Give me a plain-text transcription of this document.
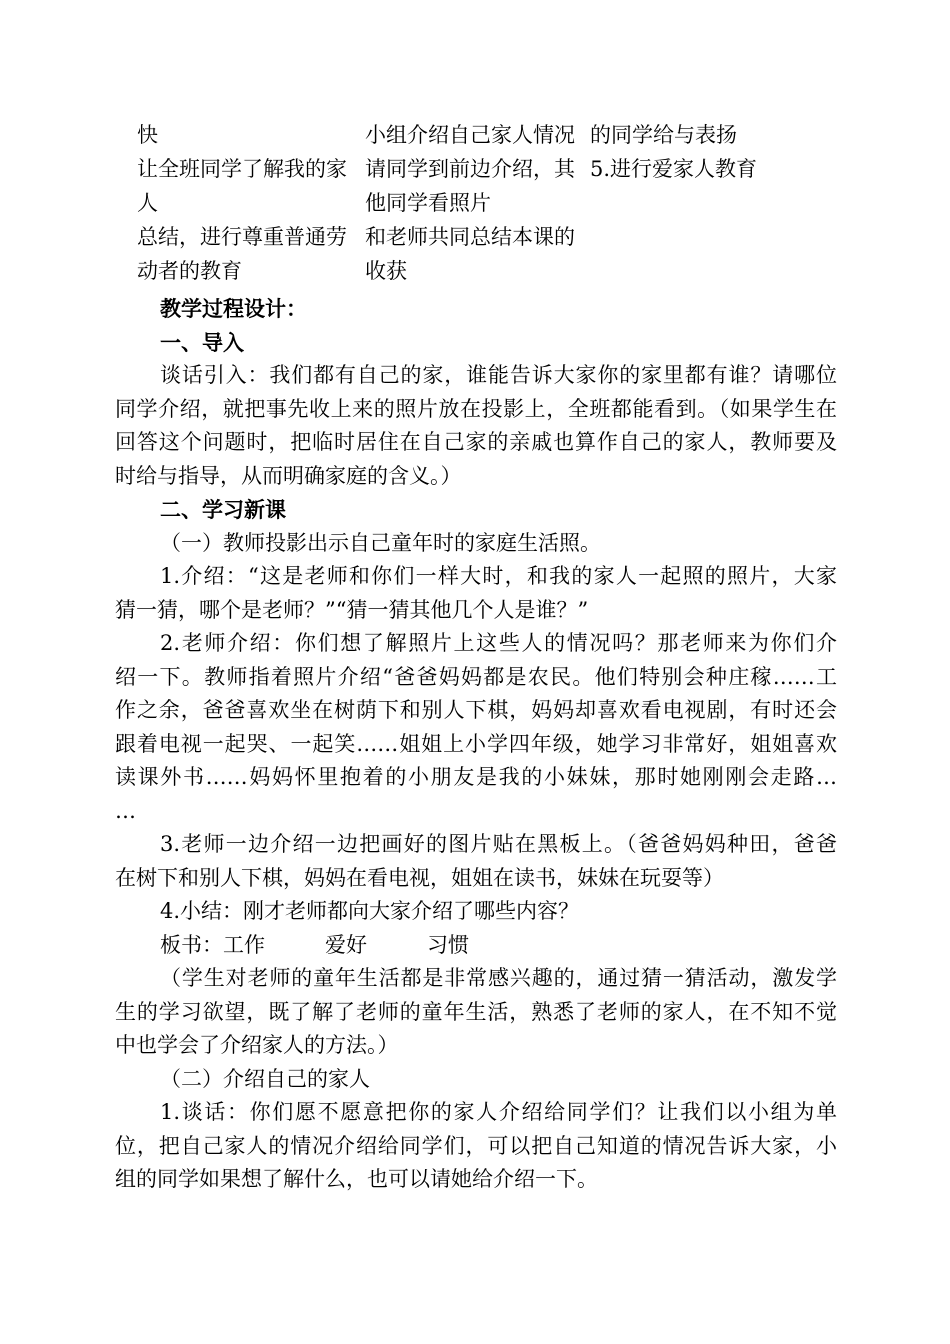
快	小组介绍自己家人情况 的同学给与表扬
让全班同学了解我的家 请同学到前边介绍，其 5.进行爱家人教育
人	他同学看照片
总结，进行尊重普通劳 和老师共同总结本课的
动者的教育	收获
教学过程设计：
一、导入
谈话引入：我们都有自己的家，谁能告诉大家你的家里都有谁？请哪位
同学介绍，就把事先收上来的照片放在投影上，全班都能看到。（如果学生在
回答这个问题时，把临时居住在自己家的亲戚也算作自己的家人，教师要及
时给与指导，从而明确家庭的含义。）
二、学习新课
（一）教师投影出示自己童年时的家庭生活照。
1.介绍：“这是老师和你们一样大时，和我的家人一起照的照片，大家
猜一猜，哪个是老师？”“猜一猜其他几个人是谁？”
2.老师介绍：你们想了解照片上这些人的情况吗？那老师来为你们介
绍一下。教师指着照片介绍“爸爸妈妈都是农民。他们特别会种庄稼……工
作之余，爸爸喜欢坐在树荫下和别人下棋，妈妈却喜欢看电视剧，有时还会
跟着电视一起哭、一起笑……姐姐上小学四年级，她学习非常好，姐姐喜欢
读课外书……妈妈怀里抱着的小朋友是我的小妹妹，那时她刚刚会走路…
…
3.老师一边介绍一边把画好的图片贴在黑板上。（爸爸妈妈种田，爸爸
在树下和别人下棋，妈妈在看电视，姐姐在读书，妹妹在玩耍等）
4.小结：刚才老师都向大家介绍了哪些内容？
板书：工作	爱好	习惯
（学生对老师的童年生活都是非常感兴趣的，通过猜一猜活动，激发学
生的学习欲望，既了解了老师的童年生活，熟悉了老师的家人，在不知不觉
中也学会了介绍家人的方法。）
（二）介绍自己的家人
1.谈话：你们愿不愿意把你的家人介绍给同学们？让我们以小组为单
位，把自己家人的情况介绍给同学们，可以把自己知道的情况告诉大家，小
组的同学如果想了解什么，也可以请她给介绍一下。
